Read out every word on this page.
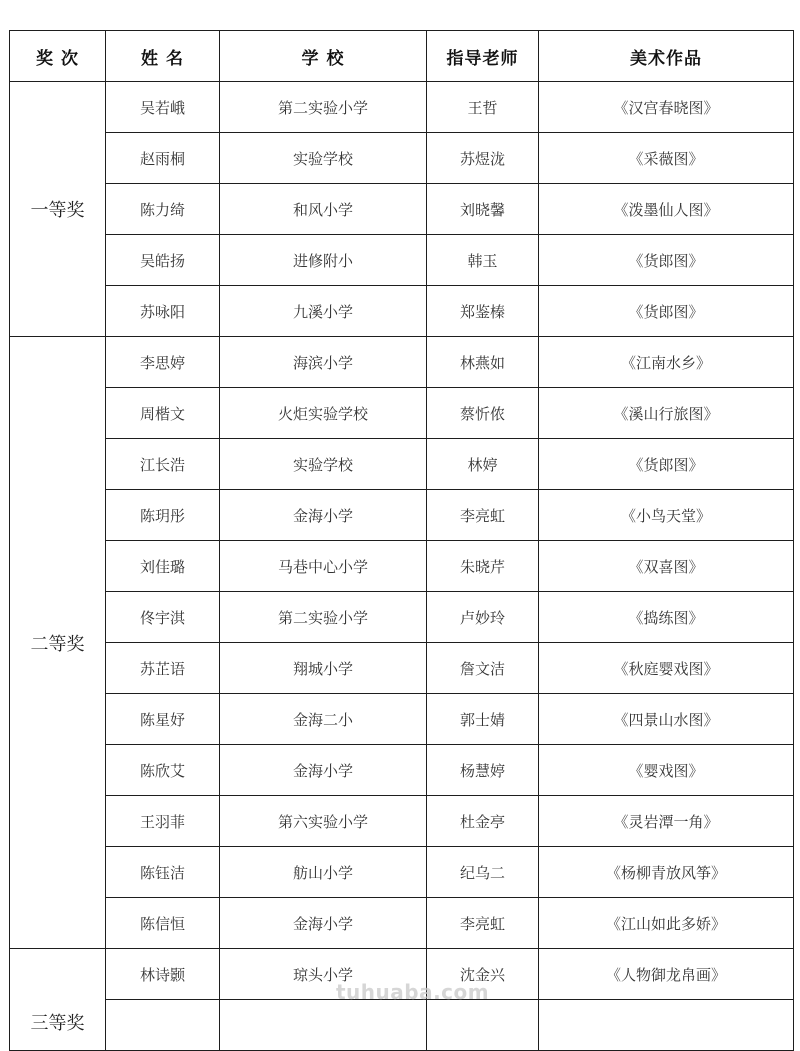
奖 次	姓 名	学 校	指导老师	美术作品
一等奖	吴若峨	第二实验小学	王哲	《汉宫春晓图》
	赵雨桐	实验学校	苏煜泷	《采薇图》
	陈力绮	和风小学	刘晓馨	《泼墨仙人图》
	吴皓扬	进修附小	韩玉	《货郎图》
	苏咏阳	九溪小学	郑鉴榛	《货郎图》
二等奖	李思婷	海滨小学	林燕如	《江南水乡》
	周楷文	火炬实验学校	蔡忻侬	《溪山行旅图》
	江长浩	实验学校	林婷	《货郎图》
	陈玥彤	金海小学	李亮虹	《小鸟天堂》
	刘佳璐	马巷中心小学	朱晓芹	《双喜图》
	佟宇淇	第二实验小学	卢妙玲	《捣练图》
	苏芷语	翔城小学	詹文洁	《秋庭婴戏图》
	陈星妤	金海二小	郭士婧	《四景山水图》
	陈欣艾	金海小学	杨慧婷	《婴戏图》
	王羽菲	第六实验小学	杜金亭	《灵岩潭一角》
	陈钰洁	舫山小学	纪乌二	《杨柳青放风筝》
	陈信恒	金海小学	李亮虹	《江山如此多娇》
三等奖	林诗颢	琼头小学	沈金兴	《人物御龙帛画》

tuhuaba.com
